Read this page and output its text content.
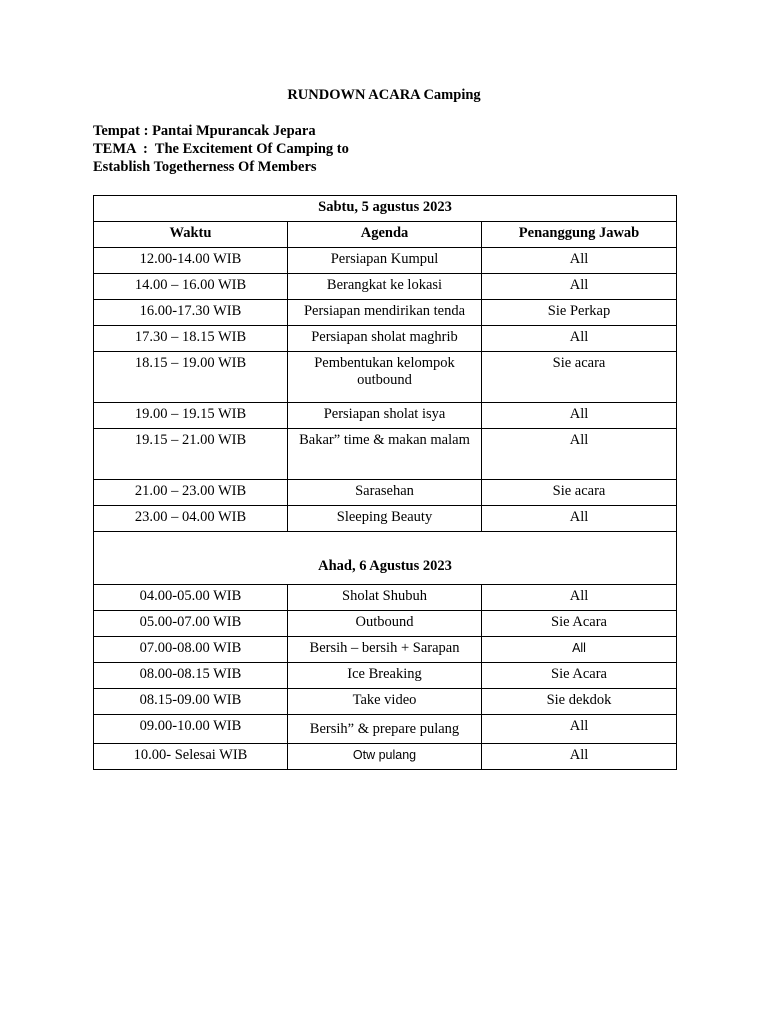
RUNDOWN ACARA Camping
Tempat : Pantai Mpurancak Jepara
TEMA  :  The Excitement Of Camping to
Establish Togetherness Of Members
Sabtu, 5 agustus 2023		
Waktu	Agenda	Penanggung Jawab
12.00-14.00 WIB	Persiapan Kumpul	All
14.00 – 16.00 WIB	Berangkat ke lokasi	All
16.00-17.30 WIB	Persiapan mendirikan tenda	Sie Perkap
17.30 – 18.15 WIB	Persiapan sholat maghrib	All
18.15 – 19.00 WIB	Pembentukan kelompok outbound	Sie acara
19.00 – 19.15 WIB	Persiapan sholat isya	All
19.15 – 21.00 WIB	Bakar” time & makan malam	All
21.00 – 23.00 WIB	Sarasehan	Sie acara
23.00 – 04.00 WIB	Sleeping Beauty	All
Ahad, 6 Agustus 2023		
04.00-05.00 WIB	Sholat Shubuh	All
05.00-07.00 WIB	Outbound	Sie Acara
07.00-08.00 WIB	Bersih – bersih + Sarapan	All
08.00-08.15 WIB	Ice Breaking	Sie Acara
08.15-09.00 WIB	Take video	Sie dekdok
09.00-10.00 WIB	Bersih” & prepare pulang	All
10.00- Selesai WIB	Otw pulang	All
